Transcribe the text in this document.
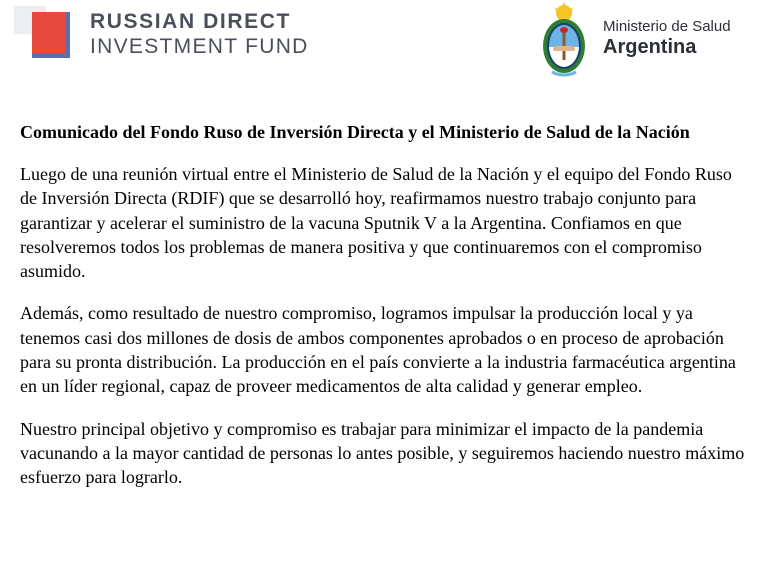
RUSSIAN DIRECT
INVESTMENT FUND
Ministerio de Salud
Argentina

Comunicado del Fondo Ruso de Inversión Directa y el Ministerio de Salud de la Nación

Luego de una reunión virtual entre el Ministerio de Salud de la Nación y el equipo del Fondo Ruso de Inversión Directa (RDIF) que se desarrolló hoy, reafirmamos nuestro trabajo conjunto para garantizar y acelerar el suministro de la vacuna Sputnik V a la Argentina. Confiamos en que resolveremos todos los problemas de manera positiva y que continuaremos con el compromiso asumido.

Además, como resultado de nuestro compromiso, logramos impulsar la producción local y ya tenemos casi dos millones de dosis de ambos componentes aprobados o en proceso de aprobación para su pronta distribución. La producción en el país convierte a la industria farmacéutica argentina en un líder regional, capaz de proveer medicamentos de alta calidad y generar empleo.

Nuestro principal objetivo y compromiso es trabajar para minimizar el impacto de la pandemia vacunando a la mayor cantidad de personas lo antes posible, y seguiremos haciendo nuestro máximo esfuerzo para lograrlo.
